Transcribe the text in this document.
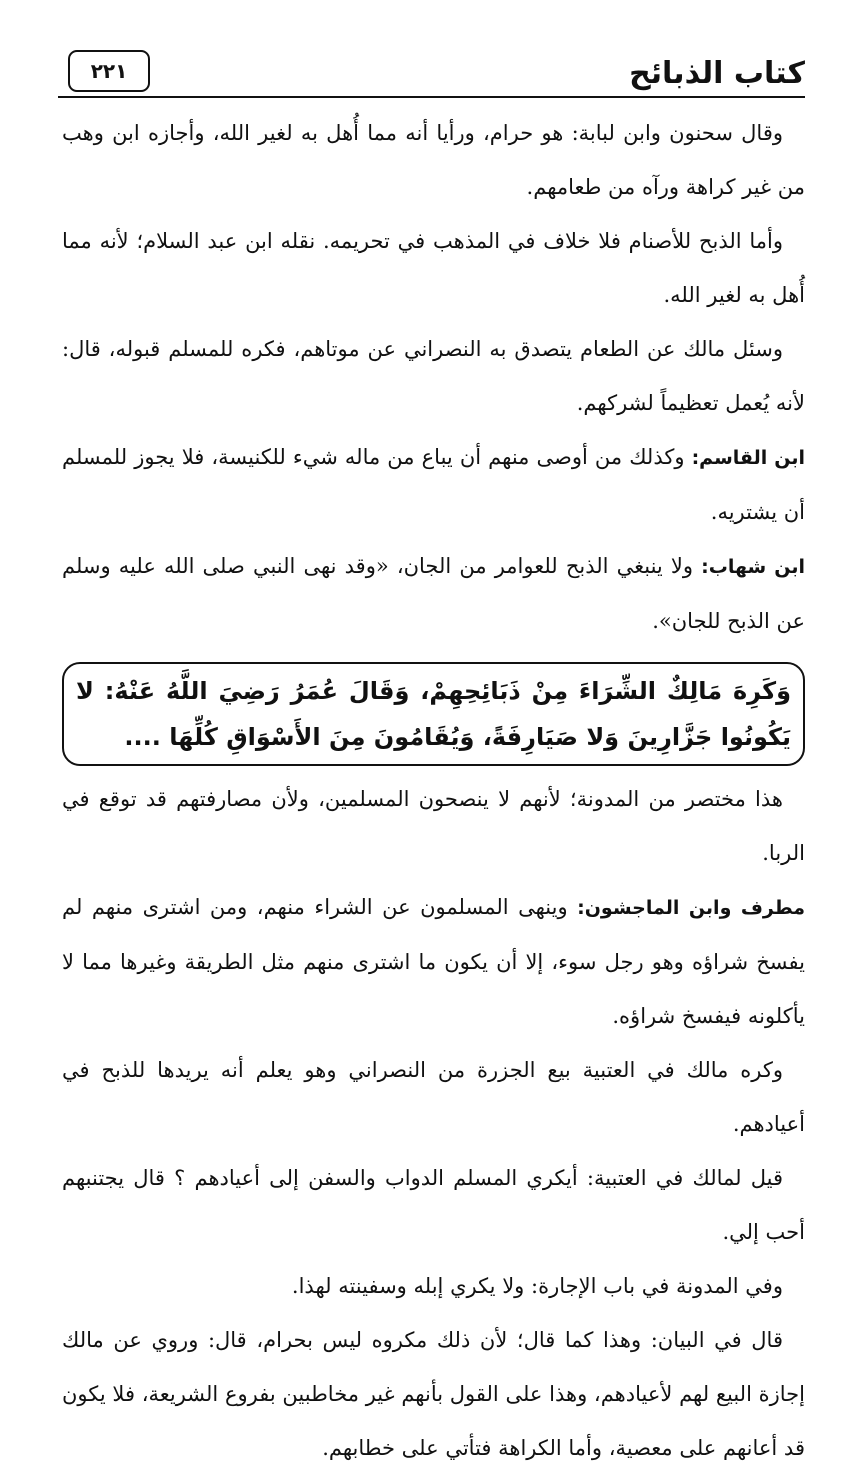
كتاب الذبائح
٢٢١

وقال سحنون وابن لبابة: هو حرام، ورأيا أنه مما أُهل به لغير الله، وأجازه ابن وهب من غير كراهة ورآه من طعامهم.

وأما الذبح للأصنام فلا خلاف في المذهب في تحريمه. نقله ابن عبد السلام؛ لأنه مما أُهل به لغير الله.

وسئل مالك عن الطعام يتصدق به النصراني عن موتاهم، فكره للمسلم قبوله، قال: لأنه يُعمل تعظيماً لشركهم.

ابن القاسم: وكذلك من أوصى منهم أن يباع من ماله شيء للكنيسة، فلا يجوز للمسلم أن يشتريه.

ابن شهاب: ولا ينبغي الذبح للعوامر من الجان، «وقد نهى النبي صلى الله عليه وسلم عن الذبح للجان».

وَكَرِهَ مَالِكٌ الشِّرَاءَ مِنْ ذَبَائِحِهِمْ، وَقَالَ عُمَرُ رَضِيَ اللَّهُ عَنْهُ: لا يَكُونُوا جَزَّارِينَ وَلا صَيَارِفَةً، وَيُقَامُونَ مِنَ الأَسْوَاقِ كُلِّهَا ....

هذا مختصر من المدونة؛ لأنهم لا ينصحون المسلمين، ولأن مصارفتهم قد توقع في الربا.

مطرف وابن الماجشون: وينهى المسلمون عن الشراء منهم، ومن اشترى منهم لم يفسخ شراؤه وهو رجل سوء، إلا أن يكون ما اشترى منهم مثل الطريقة وغيرها مما لا يأكلونه فيفسخ شراؤه.

وكره مالك في العتبية بيع الجزرة من النصراني وهو يعلم أنه يريدها للذبح في أعيادهم.

قيل لمالك في العتبية: أيكري المسلم الدواب والسفن إلى أعيادهم ؟ قال يجتنبهم أحب إلي.

وفي المدونة في باب الإجارة: ولا يكري إبله وسفينته لهذا.

قال في البيان: وهذا كما قال؛ لأن ذلك مكروه ليس بحرام، قال: وروي عن مالك إجازة البيع لهم لأعيادهم، وهذا على القول بأنهم غير مخاطبين بفروع الشريعة، فلا يكون قد أعانهم على معصية، وأما الكراهة فتأتي على خطابهم.
